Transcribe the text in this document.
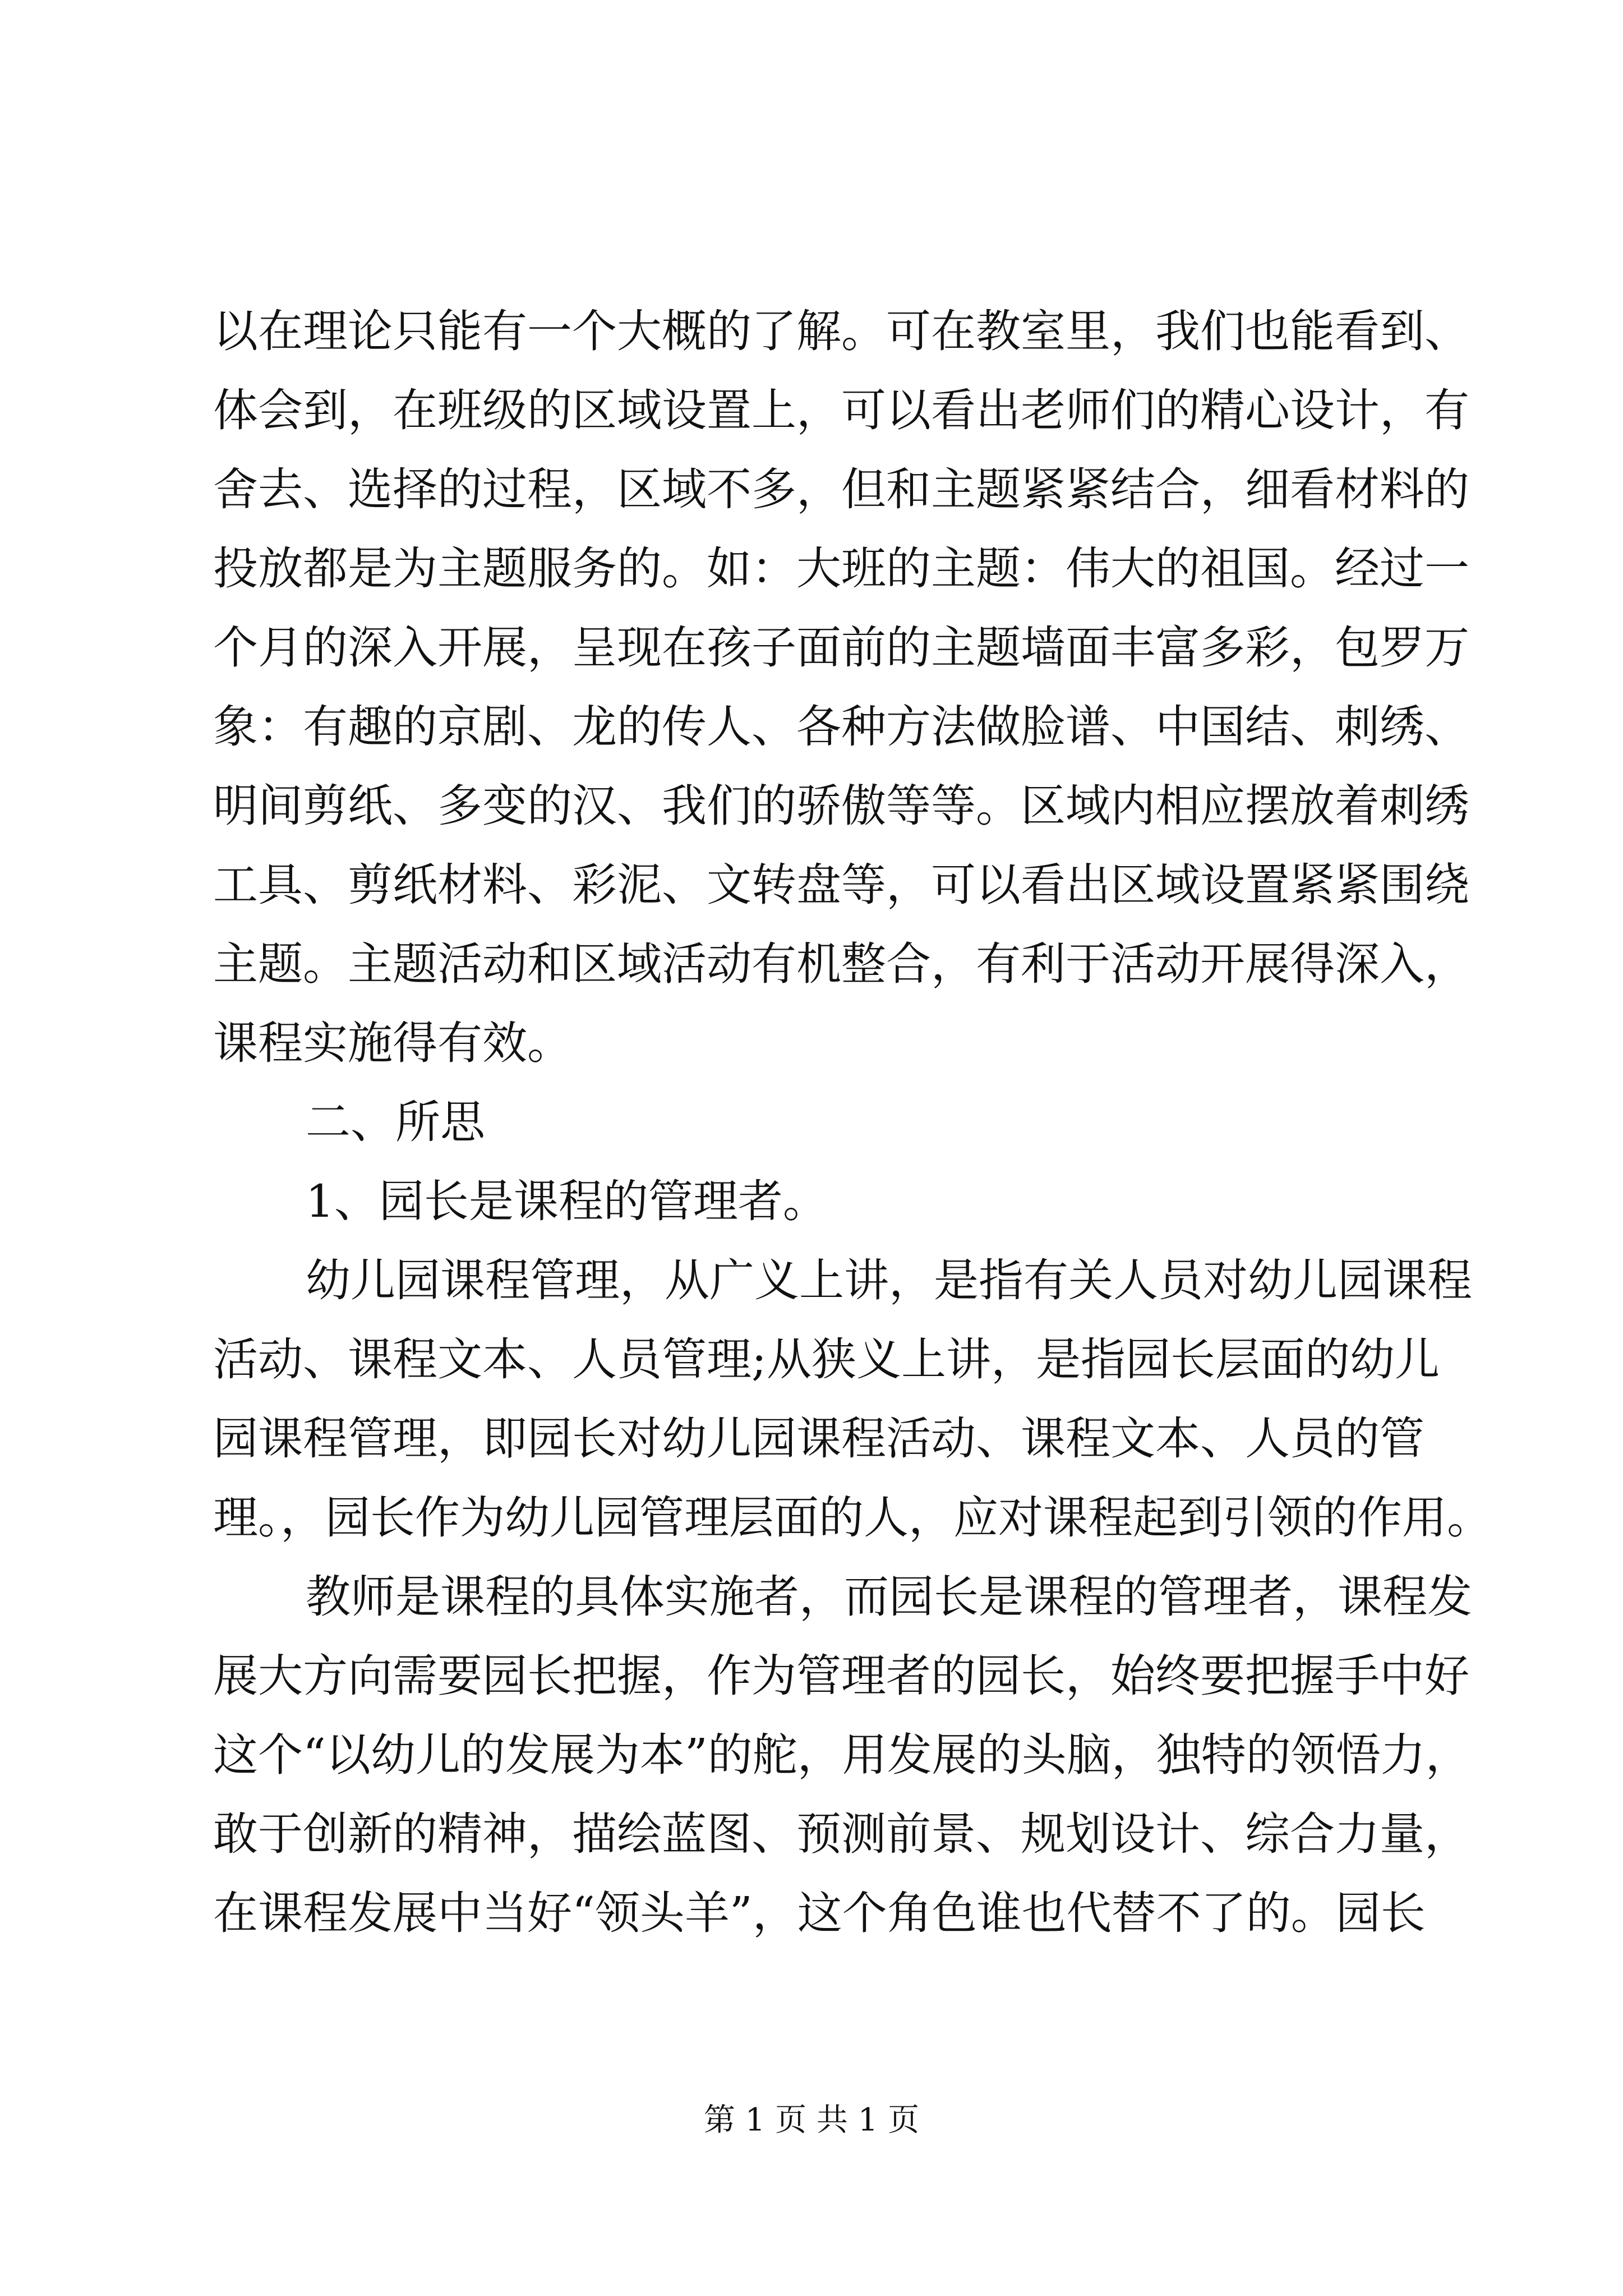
以在理论只能有一个大概的了解。可在教室里，我们也能看到、
体会到，在班级的区域设置上，可以看出老师们的精心设计，有
舍去、选择的过程，区域不多，但和主题紧紧结合，细看材料的
投放都是为主题服务的。如：大班的主题：伟大的祖国。经过一
个月的深入开展，呈现在孩子面前的主题墙面丰富多彩，包罗万
象：有趣的京剧、龙的传人、各种方法做脸谱、中国结、刺绣、
明间剪纸、多变的汉、我们的骄傲等等。区域内相应摆放着刺绣
工具、剪纸材料、彩泥、文转盘等，可以看出区域设置紧紧围绕
主题。主题活动和区域活动有机整合，有利于活动开展得深入，
课程实施得有效。
二、所思
1、园长是课程的管理者。
幼儿园课程管理，从广义上讲，是指有关人员对幼儿园课程
活动、课程文本、人员管理;从狭义上讲，是指园长层面的幼儿
园课程管理，即园长对幼儿园课程活动、课程文本、人员的管
理。，园长作为幼儿园管理层面的人，应对课程起到引领的作用。
教师是课程的具体实施者，而园长是课程的管理者，课程发
展大方向需要园长把握，作为管理者的园长，始终要把握手中好
这个“以幼儿的发展为本”的舵，用发展的头脑，独特的领悟力，
敢于创新的精神，描绘蓝图、预测前景、规划设计、综合力量，
在课程发展中当好“领头羊”，这个角色谁也代替不了的。园长
第 1 页 共 1 页
